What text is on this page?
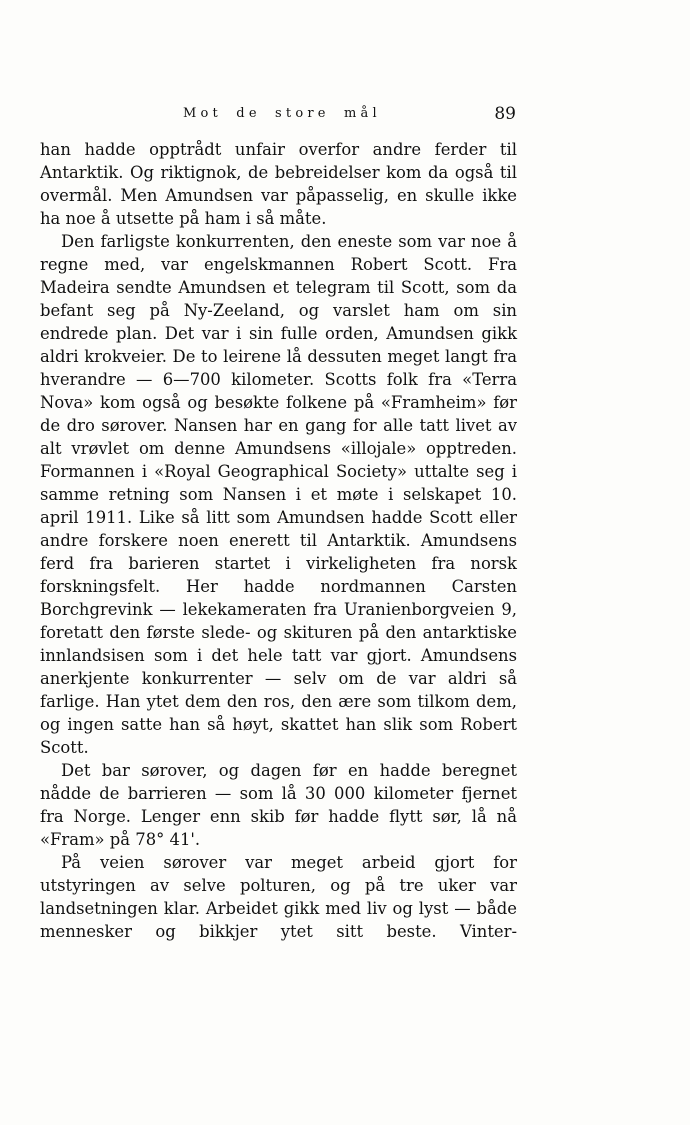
Mot de store mål	89

han hadde opptrådt unfair overfor andre ferder til Antarktik. Og riktignok, de bebreidelser kom da også til overmål. Men Amundsen var påpasselig, en skulle ikke ha noe å utsette på ham i så måte.

Den farligste konkurrenten, den eneste som var noe å regne med, var engelskmannen Robert Scott. Fra Madeira sendte Amundsen et telegram til Scott, som da befant seg på Ny-Zeeland, og varslet ham om sin endrede plan. Det var i sin fulle orden, Amundsen gikk aldri krokveier. De to leirene lå dessuten meget langt fra hverandre — 6—700 kilometer. Scotts folk fra «Terra Nova» kom også og besøkte folkene på «Framheim» før de dro sørover. Nansen har en gang for alle tatt livet av alt vrøvlet om denne Amundsens «illojale» opptreden. Formannen i «Royal Geographical Society» uttalte seg i samme retning som Nansen i et møte i selskapet 10. april 1911. Like så litt som Amundsen hadde Scott eller andre forskere noen enerett til Antarktik. Amundsens ferd fra barieren startet i virkeligheten fra norsk forskningsfelt. Her hadde nordmannen Carsten Borchgrevink — lekekameraten fra Uranienborgveien 9, foretatt den første slede- og skituren på den antarktiske innlandsisen som i det hele tatt var gjort. Amundsens anerkjente konkurrenter — selv om de var aldri så farlige. Han ytet dem den ros, den ære som tilkom dem, og ingen satte han så høyt, skattet han slik som Robert Scott.

Det bar sørover, og dagen før en hadde beregnet nådde de barrieren — som lå 30 000 kilometer fjernet fra Norge. Lenger enn skib før hadde flytt sør, lå nå «Fram» på 78° 41'.

På veien sørover var meget arbeid gjort for utstyringen av selve polturen, og på tre uker var landsetningen klar. Arbeidet gikk med liv og lyst — både mennesker og bikkjer ytet sitt beste. Vinter-
